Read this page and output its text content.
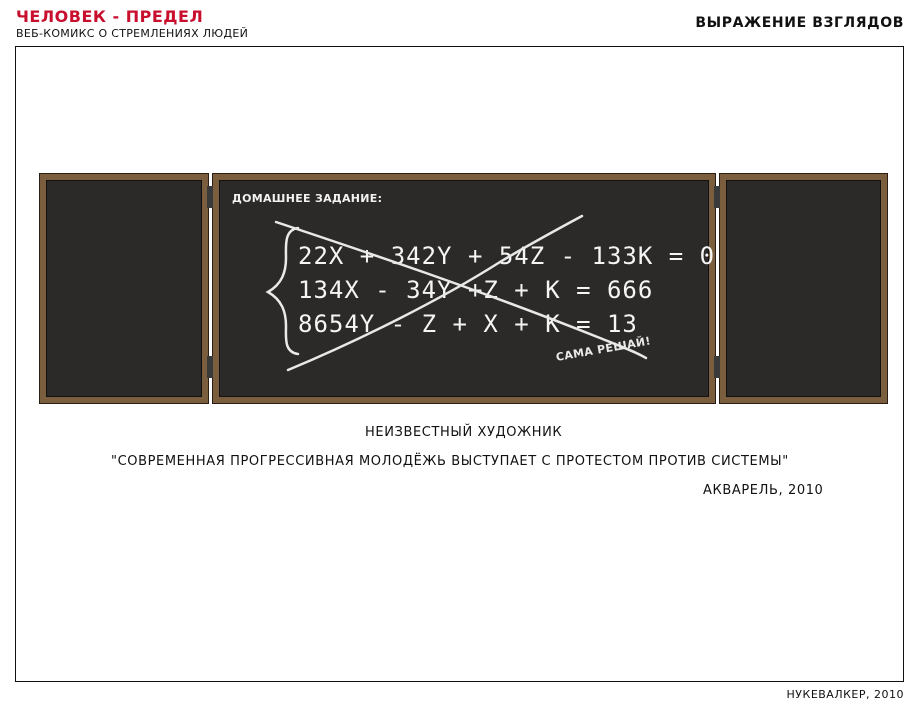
ЧЕЛОВЕК - ПРЕДЕЛ
ВЕБ-КОМИКС О СТРЕМЛЕНИЯХ ЛЮДЕЙ
ВЫРАЖЕНИЕ ВЗГЛЯДОВ
ДОМАШНЕЕ ЗАДАНИЕ:
22X + 342Y + 54Z - 133K = 0
134X - 34Y +Z + K = 666
8654Y - Z + X + K = 13
САМА РЕШАЙ!
НЕИЗВЕСТНЫЙ ХУДОЖНИК
"СОВРЕМЕННАЯ ПРОГРЕССИВНАЯ МОЛОДЁЖЬ ВЫСТУПАЕТ С ПРОТЕСТОМ ПРОТИВ СИСТЕМЫ"
АКВАРЕЛЬ, 2010
НУКЕВАЛКЕР, 2010
